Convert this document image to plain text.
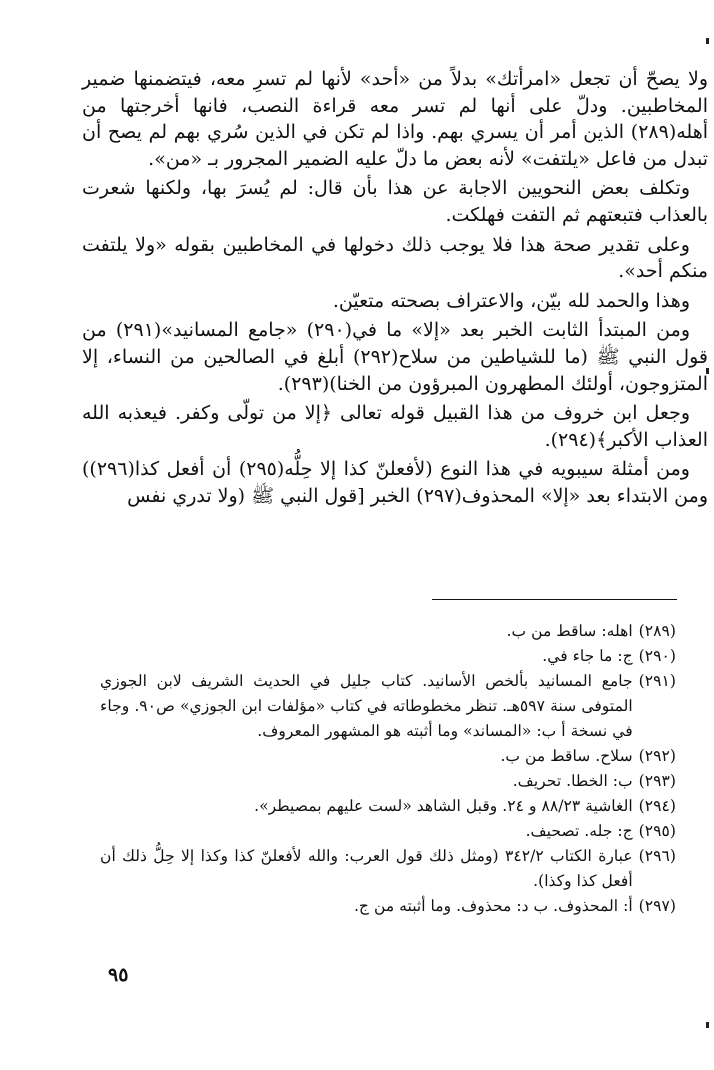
ولا يصحّ أن تجعل «امرأتك» بدلاً من «أحد» لأنها لم تسرِ معه، فيتضمنها ضمير المخاطبين. ودلّ على أنها لم تسر معه قراءة النصب، فانها أخرجتها من أهله(٢٨٩) الذين أمر أن يسري بهم. واذا لم تكن في الذين سُري بهم لم يصح أن تبدل من فاعل «يلتفت» لأنه بعض ما دلّ عليه الضمير المجرور بـ «من».

وتكلف بعض النحويين الاجابة عن هذا بأن قال: لم يُسرَ بها، ولكنها شعرت بالعذاب فتبعتهم ثم التفت فهلكت.

وعلى تقدير صحة هذا فلا يوجب ذلك دخولها في المخاطبين بقوله «ولا يلتفت منكم أحد».

وهذا والحمد لله بيّن، والاعتراف بصحته متعيّن.

ومن المبتدأ الثابت الخبر بعد «إلا» ما في(٢٩٠) «جامع المسانيد»(٢٩١) من قول النبي ﷺ (ما للشياطين من سلاح(٢٩٢) أبلغ في الصالحين من النساء، إلا المتزوجون، أولئك المطهرون المبرؤون من الخنا)(٢٩٣).

وجعل ابن خروف من هذا القبيل قوله تعالى ﴿إلا من تولّى وكفر. فيعذبه الله العذاب الأكبر﴾(٢٩٤).

ومن أمثلة سيبويه في هذا النوع (لأفعلنّ كذا إلا حِلُّه(٢٩٥) أن أفعل كذا(٢٩٦)) ومن الابتداء بعد «إلا» المحذوف(٢٩٧) الخبر [قول النبي ﷺ (ولا تدري نفس

(٢٨٩)
اهله: ساقط من ب.
(٢٩٠)
ج: ما جاء في.
(٢٩١)
جامع المسانيد بألخص الأسانيد. كتاب جليل في الحديث الشريف لابن الجوزي المتوفى سنة ٥٩٧هـ. تنظر مخطوطاته في كتاب «مؤلفات ابن الجوزي» ص٩٠. وجاء في نسخة أ ب: «المساند» وما أثبته هو المشهور المعروف.
(٢٩٢)
سلاح. ساقط من ب.
(٢٩٣)
ب: الخطا. تحريف.
(٢٩٤)
الغاشية ٨٨/٢٣ و ٢٤. وقبل الشاهد «لست عليهم بمصيطر».
(٢٩٥)
ج: جله. تصحيف.
(٢٩٦)
عبارة الكتاب ٣٤٢/٢ (ومثل ذلك قول العرب: والله لأفعلنّ كذا وكذا إلا حِلُّ ذلك أن أفعل كذا وكذا).
(٢٩٧)
أ: المحذوف. ب د: محذوف. وما أثبته من ج.
٩٥
